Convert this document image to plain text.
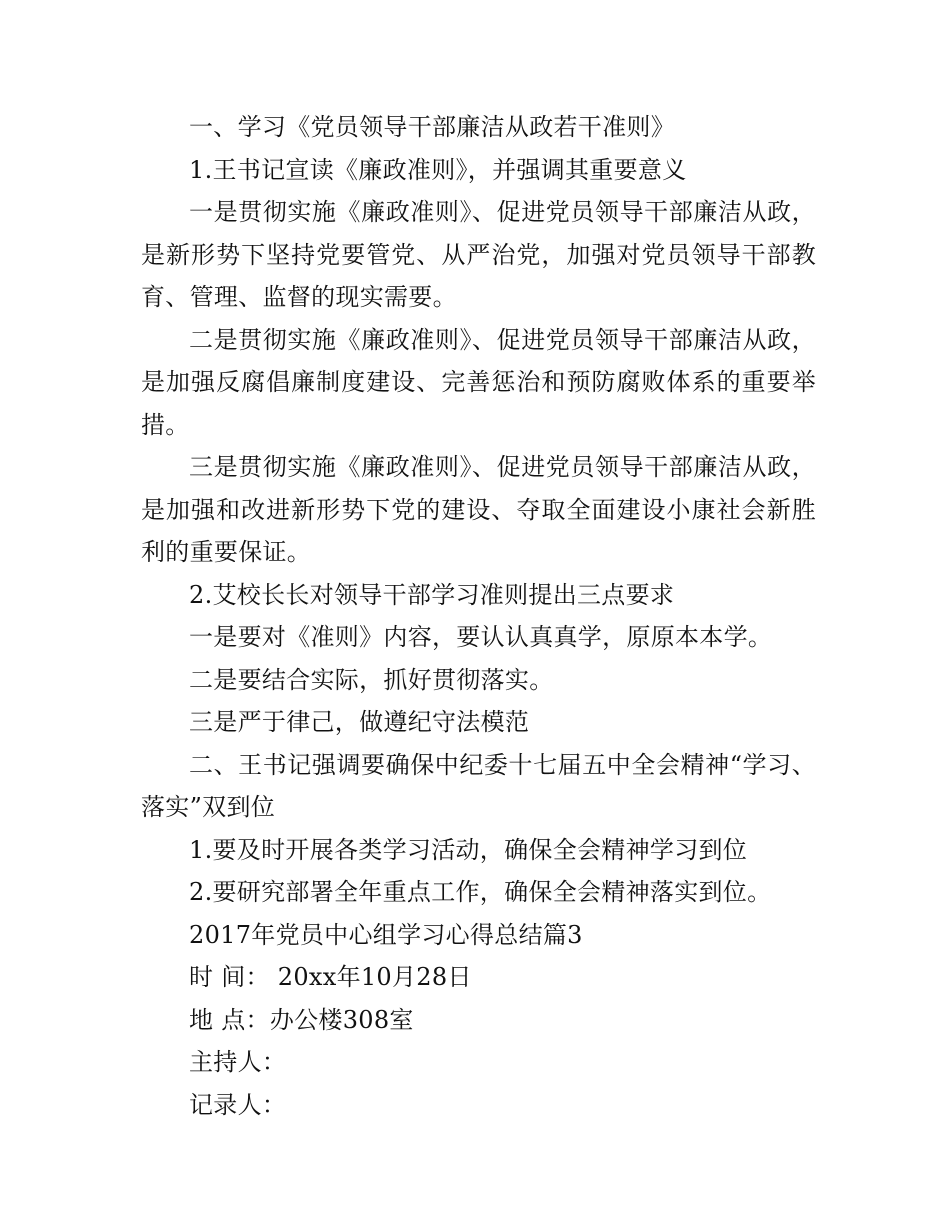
一、学习《党员领导干部廉洁从政若干准则》

1.王书记宣读《廉政准则》，并强调其重要意义

一是贯彻实施《廉政准则》、促进党员领导干部廉洁从政，是新形势下坚持党要管党、从严治党，加强对党员领导干部教育、管理、监督的现实需要。

二是贯彻实施《廉政准则》、促进党员领导干部廉洁从政，是加强反腐倡廉制度建设、完善惩治和预防腐败体系的重要举措。

三是贯彻实施《廉政准则》、促进党员领导干部廉洁从政，是加强和改进新形势下党的建设、夺取全面建设小康社会新胜利的重要保证。

2.艾校长长对领导干部学习准则提出三点要求

一是要对《准则》内容，要认认真真学，原原本本学。

二是要结合实际，抓好贯彻落实。

三是严于律己，做遵纪守法模范

二、王书记强调要确保中纪委十七届五中全会精神“学习、落实”双到位

1.要及时开展各类学习活动，确保全会精神学习到位

2.要研究部署全年重点工作，确保全会精神落实到位。

2017年党员中心组学习心得总结篇3

时 间： 20xx年10月28日

地 点：办公楼308室

主持人：

记录人：
